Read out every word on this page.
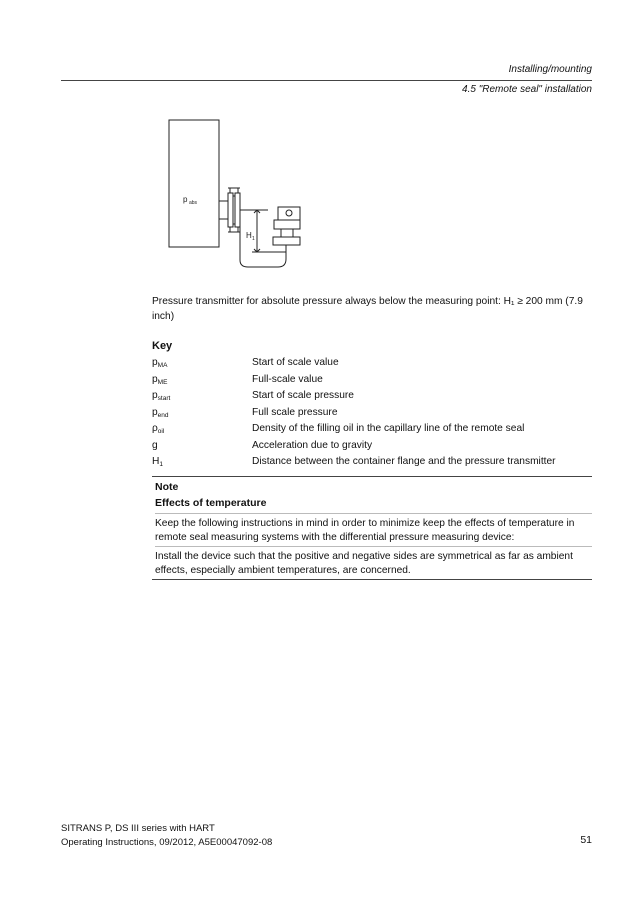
Installing/mounting
4.5 "Remote seal" installation
p abs
H 1
Pressure transmitter for absolute pressure always below the measuring point: H₁ ≥ 200 mm (7.9 inch)
Key
$p_{MA}$	Start of scale value
$p_{ME}$	Full-scale value
$p_{start}$	Start of scale pressure
$p_{end}$	Full scale pressure
$\rho_{oil}$	Density of the filling oil in the capillary line of the remote seal
g	Acceleration due to gravity
$H_1$	Distance between the container flange and the pressure transmitter
Note
Effects of temperature
Keep the following instructions in mind in order to minimize keep the effects of temperature in remote seal measuring systems with the differential pressure measuring device:
Install the device such that the positive and negative sides are symmetrical as far as ambient effects, especially ambient temperatures, are concerned.
SITRANS P, DS III series with HART
Operating Instructions, 09/2012, A5E00047092-08	51
